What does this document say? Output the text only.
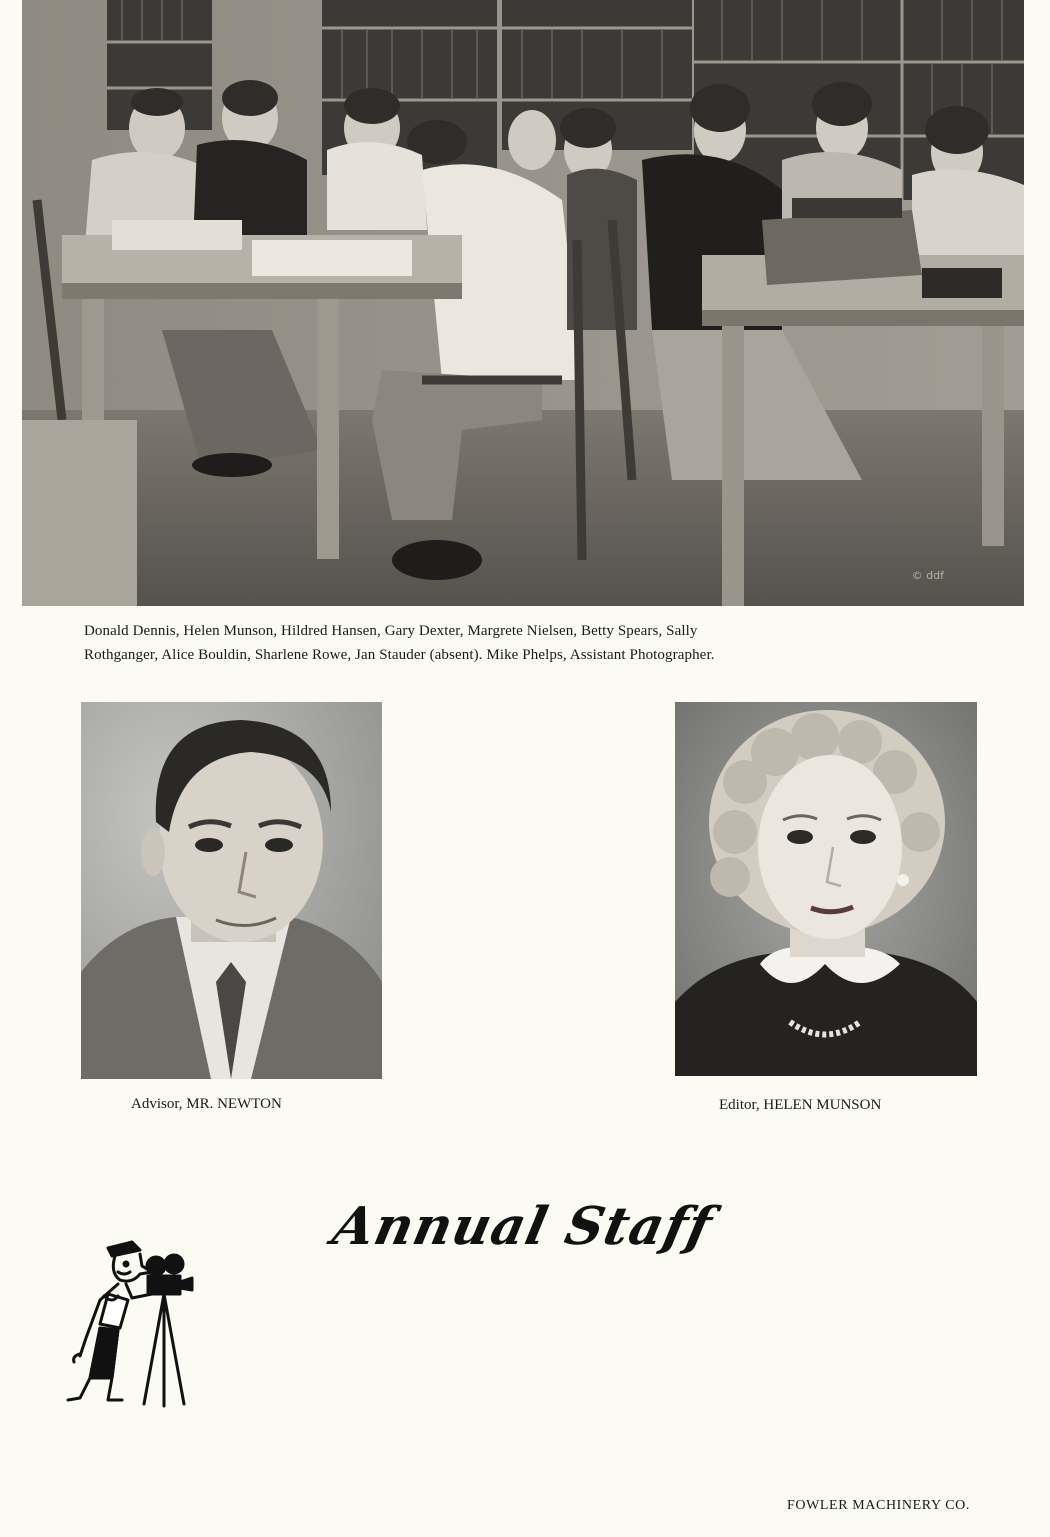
© ddf
Donald Dennis, Helen Munson, Hildred Hansen, Gary Dexter, Margrete Nielsen, Betty Spears, Sally
Rothganger, Alice Bouldin, Sharlene Rowe, Jan Stauder (absent). Mike Phelps, Assistant Photographer.
Advisor, MR. NEWTON	Editor, HELEN MUNSON
Annual Staff
FOWLER MACHINERY CO.
